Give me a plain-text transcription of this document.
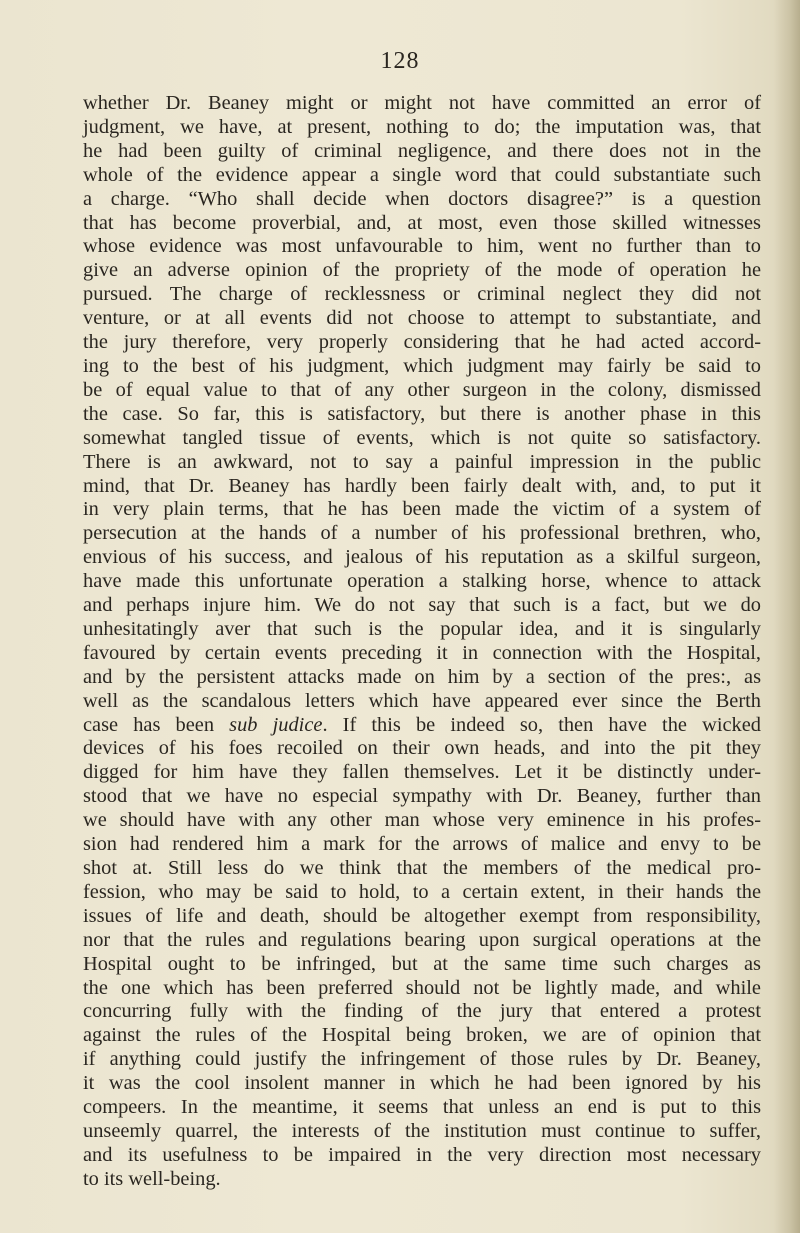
128
whether Dr. Beaney might or might not have committed an error of
judgment, we have, at present, nothing to do; the imputation was, that
he had been guilty of criminal negligence, and there does not in the
whole of the evidence appear a single word that could substantiate such
a charge. “Who shall decide when doctors disagree?” is a question
that has become proverbial, and, at most, even those skilled witnesses
whose evidence was most unfavourable to him, went no further than to
give an adverse opinion of the propriety of the mode of operation he
pursued. The charge of recklessness or criminal neglect they did not
venture, or at all events did not choose to attempt to substantiate, and
the jury therefore, very properly considering that he had acted accord-
ing to the best of his judgment, which judgment may fairly be said to
be of equal value to that of any other surgeon in the colony, dismissed
the case. So far, this is satisfactory, but there is another phase in this
somewhat tangled tissue of events, which is not quite so satisfactory.
There is an awkward, not to say a painful impression in the public
mind, that Dr. Beaney has hardly been fairly dealt with, and, to put it
in very plain terms, that he has been made the victim of a system of
persecution at the hands of a number of his professional brethren, who,
envious of his success, and jealous of his reputation as a skilful surgeon,
have made this unfortunate operation a stalking horse, whence to attack
and perhaps injure him. We do not say that such is a fact, but we do
unhesitatingly aver that such is the popular idea, and it is singularly
favoured by certain events preceding it in connection with the Hospital,
and by the persistent attacks made on him by a section of the pres:, as
well as the scandalous letters which have appeared ever since the Berth
case has been sub judice. If this be indeed so, then have the wicked
devices of his foes recoiled on their own heads, and into the pit they
digged for him have they fallen themselves. Let it be distinctly under-
stood that we have no especial sympathy with Dr. Beaney, further than
we should have with any other man whose very eminence in his profes-
sion had rendered him a mark for the arrows of malice and envy to be
shot at. Still less do we think that the members of the medical pro-
fession, who may be said to hold, to a certain extent, in their hands the
issues of life and death, should be altogether exempt from responsibility,
nor that the rules and regulations bearing upon surgical operations at the
Hospital ought to be infringed, but at the same time such charges as
the one which has been preferred should not be lightly made, and while
concurring fully with the finding of the jury that entered a protest
against the rules of the Hospital being broken, we are of opinion that
if anything could justify the infringement of those rules by Dr. Beaney,
it was the cool insolent manner in which he had been ignored by his
compeers. In the meantime, it seems that unless an end is put to this
unseemly quarrel, the interests of the institution must continue to suffer,
and its usefulness to be impaired in the very direction most necessary
to its well-being.
